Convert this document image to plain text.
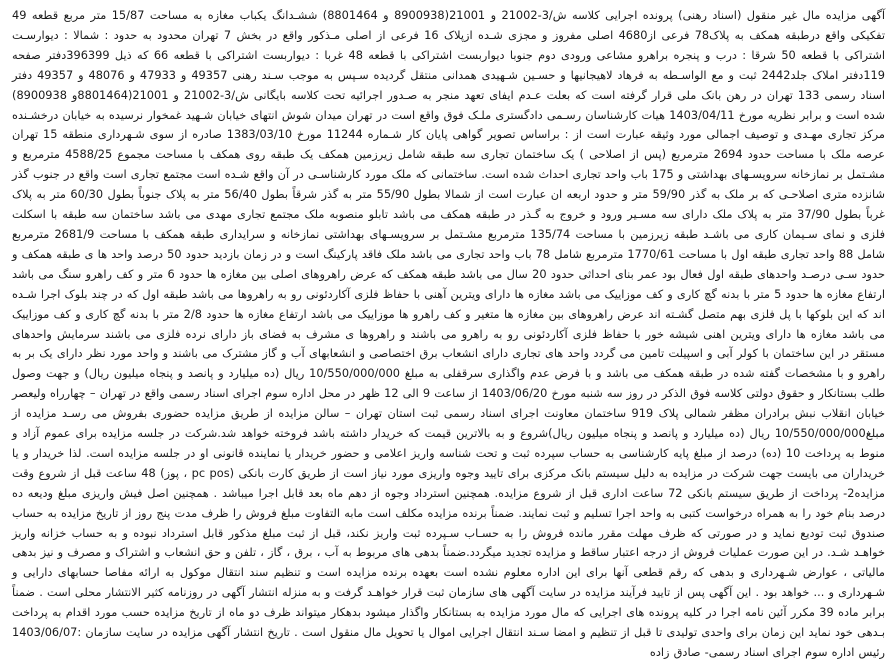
آگهی مزایده مال غیر منقول (اسناد رهنی) پرونده اجرایی کلاسه ش/3-21002 و 21001(8900938 و 8801464) ششـدانگ یکباب مغازه به مساحت 15/87 متر مربع قطعه 49 تفکیکی واقع درطبقه همکف به پلاک78 فرعی از4680 اصلی مفروز و مجزی شـده ازپلاک 16 فرعی از اصلی مـذکور واقع در بخش 7 تهران محدود به حدود : شمالا : دیوارسـت اشتراکی با قطعه 50 شرقا : درب و پنجره براهرو مشاعی ورودی دوم جنوبا دیواربست اشتراکی با قطعه 48 غربا : دیواربست اشتراکی با قطعه 66 که ذیل 396399دفتر صفحه 119دفتر املاک جلد2442 ثبت و مع الواسـطه به فرهاد لاهیجانیها و حسـین شـهیدی همدانی منتقل گردیده سـپس به موجب سـند رهنی 49357 و 47933 و 48076 و 49357 دفتر اسناد رسمی 133 تهران در رهن بانک ملی قرار گرفته است که بعلت عـدم ایفای تعهد منجر به صـدور اجرائیه تحت کلاسه بایگانی ش/3-21002 و 21001(8801464و 8900938) شده است و برابر نظریه مورخ 1403/04/11 هیات کارشناسان رسـمی دادگستری ملـک فوق واقع است در تهران میدان شوش انتهای خیابان شـهید غمخوار نرسیده به خیابان درخشـنده مرکز تجاری مهـدی و توصیف اجمالی مورد وثیقه عبارت است از : براساس تصویر گواهی پایان کار شـماره 11244 مورخ 1383/03/10 صادره از سوی شـهرداری منطقه 15 تهران عرصه ملک با مساحت حدود 2694 مترمربع (پس از اصلاحی ) یک ساختمان تجاری سه طبقه شامل زیرزمین همکف یک طبقه روی همکف با مساحت مجموع 4588/25 مترمربع و مشـتمل بر نمازخانه سرویسـهای بهداشتی و 175 باب واحد تجاری احداث شده است. ساختمانی که ملک مورد کارشناسـی در آن واقع شـده است مجتمع تجاری است واقع در جنوب گذر شانزده متری اصلاحـی که بر ملک به گذر 59/90 متر و حدود اربعه ان عبارت است از شمالا بطول 55/90 متر به گذر شرقاً بطول 56/40 متر به پلاک جنوباً بطول 60/30 متر به پلاک غرباً بطول 37/90 متر به پلاک ملک دارای سه مسـیر ورود و خروج به گـذر در طبقه همکف می باشد تابلو منصوبه ملک مجتمع تجاری مهدی می باشد ساختمان سه طبقه با اسکلت فلزی و نمای سـیمان کاری می باشـد طبقه زیرزمین با مساحت 135/74 مترمربع مشـتمل بر سرویسـهای بهداشتی نمازخانه و سرایداری طبقه همکف با مساحت 2681/9 مترمربع شامل 88 واحد تجاری طبقه اول با مساحت 1770/61 مترمربع شامل 78 باب واحد تجاری می باشد ملک فاقد پارکینگ است و در زمان بازدید حدود 50 درصد واحد ها ی طبقه همکف و حدود سـی درصـد واحدهای طبقه اول فعال بود عمر بنای احداثی حدود 20 سال می باشد طبقه همکف که عرض راهروهای اصلی بین مغازه ها حدود 6 متر و کف راهرو سنگ می باشد ارتفاع مغازه ها حدود 5 متر با بدنه گچ کاری و کف موزاییک می باشد مغازه ها دارای ویترین آهنی با حفاظ فلزی آکاردئونی رو به راهروها می باشد طبقه اول که در چند بلوک اجرا شـده اند که این بلوکها با پل فلزی بهم متصل گشـته اند عرض راهروهای بین مغازه ها متغیر و کف راهرو ها موزاییک می باشد ارتفاع مغازه ها حدود 2/8 متر با بدنه گچ کاری و کف موزاییک می باشد مغازه ها دارای ویترین اهنی شیشه خور با حفاظ فلزی آکاردئونی رو به راهرو می باشند و راهروها ی مشرف به فضای باز دارای نرده فلزی می باشند سرمایش واحدهای مستقر در این ساختمان با کولر آبی و اسپیلت تامین می گردد واحد های تجاری دارای انشعاب برق اختصاصی و انشعابهای آب و گاز مشترک می باشند و واحد مورد نظر دارای یک بر به راهرو و با مشخصات گفته شده در طبقه همکف می باشد و با فرض عدم واگذاری سرقفلی به مبلغ 10/550/000/000 ریال (ده میلیارد و پانصد و پنجاه میلیون ریال) و جهت وصول طلب بستانکار و حقوق دولتی کلاسه فوق الذکر در روز سه شنبه مورخ 1403/06/20 از ساعت 9 الی 12 ظهر در محل اداره سوم اجرای اسناد رسمی واقع در تهران – چهارراه ولیعصر خیابان انقلاب نبش برادران مظفر شمالی پلاک 919 ساختمان معاونت اجرای اسناد رسمی ثبت استان تهران – سالن مزایده از طریق مزایده حضوری بفروش می رسـد مزایده از مبلغ10/550/000/000 ریال (ده میلیارد و پانصد و پنجاه میلیون ریال)شروع و به بالاترین قیمت که خریدار داشته باشد فروخته خواهد شد.شرکت در جلسه مزایده برای عموم آزاد و منوط به پرداخت 10 (ده) درصد از مبلغ پایه کارشناسی به حساب سپرده ثبت و تحت شناسه واریز اعلامی و حضور خریدار یا نماینده قانونی او در جلسه مزایده است. لذا خریدار و یا خریداران می بایست جهت شرکت در مزایده به دلیل سیستم بانک مرکزی برای تایید وجوه واریزی مورد نیاز است از طریق کارت بانکی (pc pos ، پوز) 48 ساعت قبل از شروع وقت مزایده2- پرداخت از طریق سیستم بانکی 72 ساعت اداری قبل از شروع مزایده. همچنین استرداد وجوه از دهم ماه بعد قابل اجرا میباشد . همچنین اصل فیش واریزی مبلغ ودیعه ده درصد بنام خود را به همراه درخواست کتبی به واحد اجرا تسلیم و ثبت نمایند. ضمناً برنده مزایده مکلف است مابه التفاوت مبلغ فروش را ظرف مدت پنج روز از تاریخ مزایده به حساب صندوق ثبت تودیع نماید و در صورتی که ظرف مهلت مقرر مانده فروش را به حسـاب سـپرده ثبت واریز نکند، قبل از ثبت مبلغ مذکور قابل استرداد نبوده و به حساب خزانه واریز خواهـد شـد. در این صورت عملیات فروش از درجه اعتبار ساقط و مزایده تجدید میگردد.ضمناً بدهی های مربوط به آب ، برق ، گاز ، تلفن و حق انشعاب و اشتراک و مصرف و نیز بدهی مالیاتی ، عوارض شـهرداری و بدهی که رقم قطعی آنها برای این اداره معلوم نشده است بعهده برنده مزایده است و تنظیم سند انتقال موکول به ارائه مفاصا حسابهای دارایی و شـهرداری و ... خواهد بود . این آگهی پس از تایید فرآیند مزایده در سایت آگهی های سازمان ثبت قرار خواهـد گرفت و به منزله انتشار آگهی در روزنامه کثیر الانتشار محلی است . ضمناً برابر ماده 39 مکرر آئین نامه اجرا در کلیه پرونده های اجرایی که مال مورد مزایده به بستانکار واگذار میشود بدهکار میتواند ظرف دو ماه از تاریخ مزایده حسب مورد اقدام به پرداخت بـدهی خود نماید این زمان برای واحدی تولیدی تا قبل از تنظیم و امضا سـند انتقال اجرایی اموال یا تحویل مال منقول است . تاریخ انتشار آگهی مزایده در سایت سازمان :1403/06/07 رئیس اداره سوم اجرای اسناد رسمی- صادق زاده
